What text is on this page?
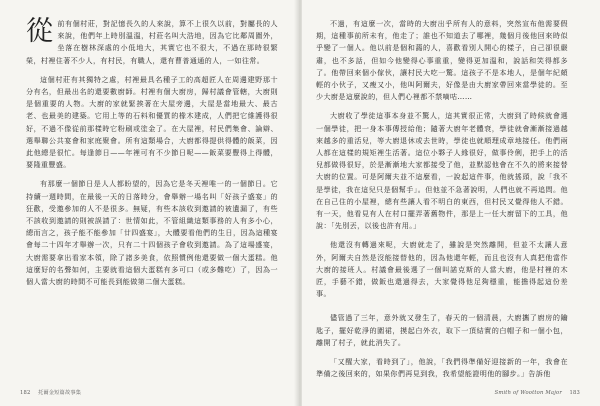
從前有個村莊，對記憶長久的人來說，算不上很久以前，對屬長的人來說，他們年上時別溫溫，村莊名叫大浩地，因為它比鄰周圍外，坐落在樹林深處的小低地大，其實它也不很大，不過在那時很繁榮，村裡住著不少人，有村民，有職人，還有曹普通通的人，一如往常。

這個村莊有其獨特之處，村裡最具名種子工的高超匠人在周邊建野那十分有名，但最出名的還要數廚師。村裡有個大廚房，歸村議會管轄，大廚則是個重要的人物。大廚的家就緊挨著在大屋旁邊，大屋是當地最大、最古老、也最美的建築。它用上等的石料和優質的橡木建成，人們把它維護得很好，不過不像從前那樣時它粉刷或塗金了。在大屋裡，村民們集會、論辯、選舉聯公共宴會和家庭聚會。所有這類場合，大廚都得提供得體的飯菜，因此他總是很忙。每逢節日——年裡可有不少節日呢——飯菜要豐得上得體，要隆重豐盛。

有那麼一個節日是人人都盼望的，因為它是冬天裡唯一的一個節日。它持續一週時間，在最後一天的日落時分，會舉辦一場名叫「好孩子盛宴」的狂歡，受邀參加的人不是很多。無疑，有些本該收到邀請的被遺漏了，有些不該收到邀請的則被誤請了：世情如此，不管組織這類事務的人有多小心，總而言之，孩子能不能參加「廿四盛宴」，大體要看他們的生日，因為這種宴會每二十四年才舉辦一次，只有二十四個孩子會收到邀請。為了這場盛宴，大廚需要拿出看家本領，除了諸多美食，依照慣例他還要做一個大蛋糕。他這麼好的名聲如何，主要就看這個大蛋糕有多可口（或多難吃）了，因為一個人當大廚的時間不可能長到能做第二個大蛋糕。

182 托爾金短篇故事集

不過，有這麼一次，當時的大廚出乎所有人的意料，突然宣布他需要假期，這種事前所未有，他走了；誰也不知道去了哪裡，幾個月後他回來時似乎變了一個人。他以前是個和藹的人，喜歡看別人開心的樣子，自己卻很嚴肅，也不多話，但如今他變得心事重重，變得更加溫和，說話和笑得都多了。他帶回來個小傢伙，讓村民大吃一驚。這孩子不是本地人，是個年紀頗輕的小伙子，又瘦又小，他叫阿爾夫，好像是由大廚家帶回來當學徒的。至少大廚是這麼說的，但人們心裡都不禁嘀咕……

大廚收了學徒這事本身並不驚人，這其實很正常，大廚到了時候就會選一個學徒，把一身本事傳授給他；隨著大廚年老體衰，學徒就會漸漸接過越來越多的重活兒，等大廚退休或去世時，學徒也就順理成章地接任。他們兩人都在這樣的規矩裡生活著。這位小夥子人緣很好，做事伶俐，把手上的活兒都做得很好，於是漸漸地大家都接受了他，並默認他會在不久的將來接替大廚的位置。可是阿爾夫並不這麼看，一說起這件事，他就搖頭，說「我不是學徒，我在這兒只是個幫手」。但他並不急著說明，人們也就不再追問。他在自己住的小屋裡，總有些讓人看不明白的東西，但村民又覺得他人不錯。有一天，他看見有人在村口擺弄著舊物件，那是上一任大廚留下的工具，他說：「先別丟，以後也許有用。」

他還沒有轉過來呢，大廚就走了，雖說是突然離開，但並不太讓人意外，阿爾夫自然是沒能接替他的，因為他還年輕，而且也沒有人真把他當作大廚的接班人。村議會最後選了一個叫諾克斯的人當大廚，他是村裡的木匠，手藝不錯，做飯也還過得去，大家覺得他足夠穩重，能擔得起這份差事。

儘管過了三年，意外就又發生了，春天的一個清晨，大廚攜了廚房的鑰匙子，擺好乾淨的圍裙，摸起白外衣，取下一頂結實的白帽子和一個小包，離開了村子，就此消失了。

「又醒大家，看時到了」，他說，「我們得準備好迎接新的一年，我會在準備之後回來的，如果你們再見到我，我希望能證明他的腳步。」告訴他

Smith of Wootton Major 183
